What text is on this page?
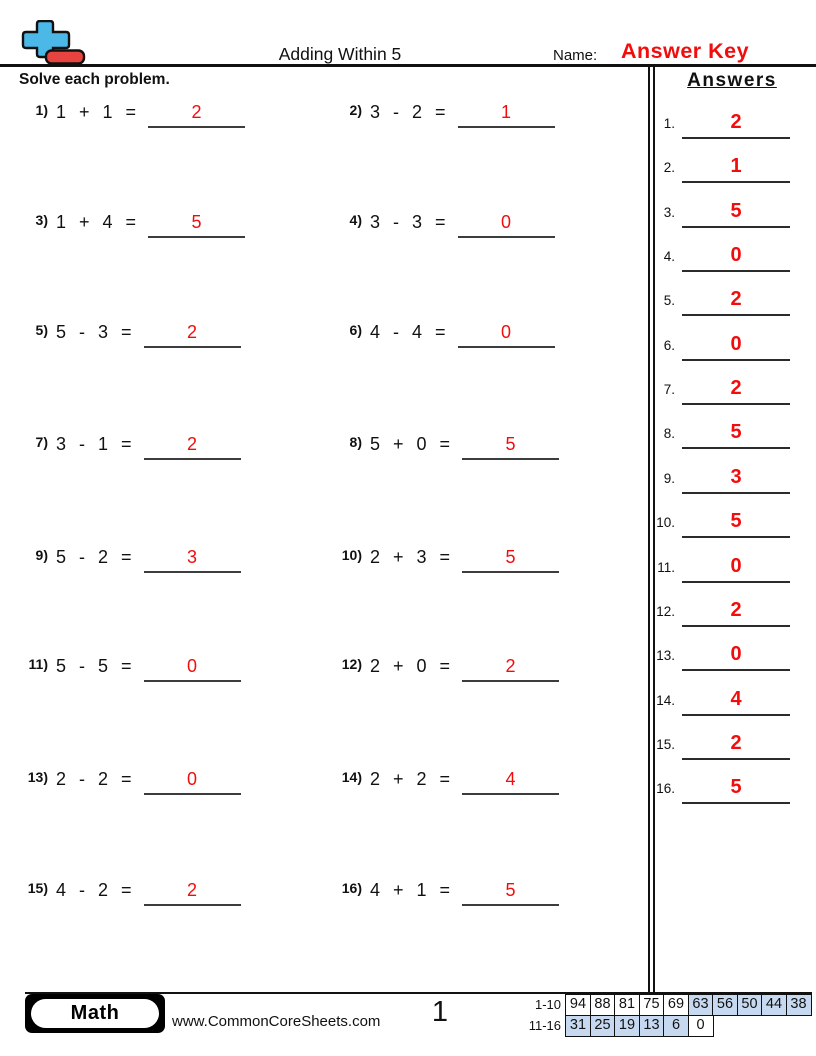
Adding Within 5	Name: Answer Key
Solve each problem.
1) 1 + 1 =	2
3) 1 + 4 =	5
5) 5 - 3 =	2
7) 3 - 1 =	2
9) 5 - 2 =	3
11) 5 - 5 =	0
13) 2 - 2 =	0
15) 4 - 2 =	2
2) 3 - 2 =	1
4) 3 - 3 =	0
6) 4 - 4 =	0
8) 5 + 0 =	5
10) 2 + 3 =	5
12) 2 + 0 =	2
14) 2 + 2 =	4
16) 4 + 1 =	5
Answers
1.	2
2.	1
3.	5
4.	0
5.	2
6.	0
7.	2
8.	5
9.	3
10.	5
11.	0
12.	2
13.	0
14.	4
15.	2
16.	5
Math	www.CommonCoreSheets.com	1	1-10 94 88 81 75 69 63 56 50 44 38
11-16 31 25 19 13 6	0
